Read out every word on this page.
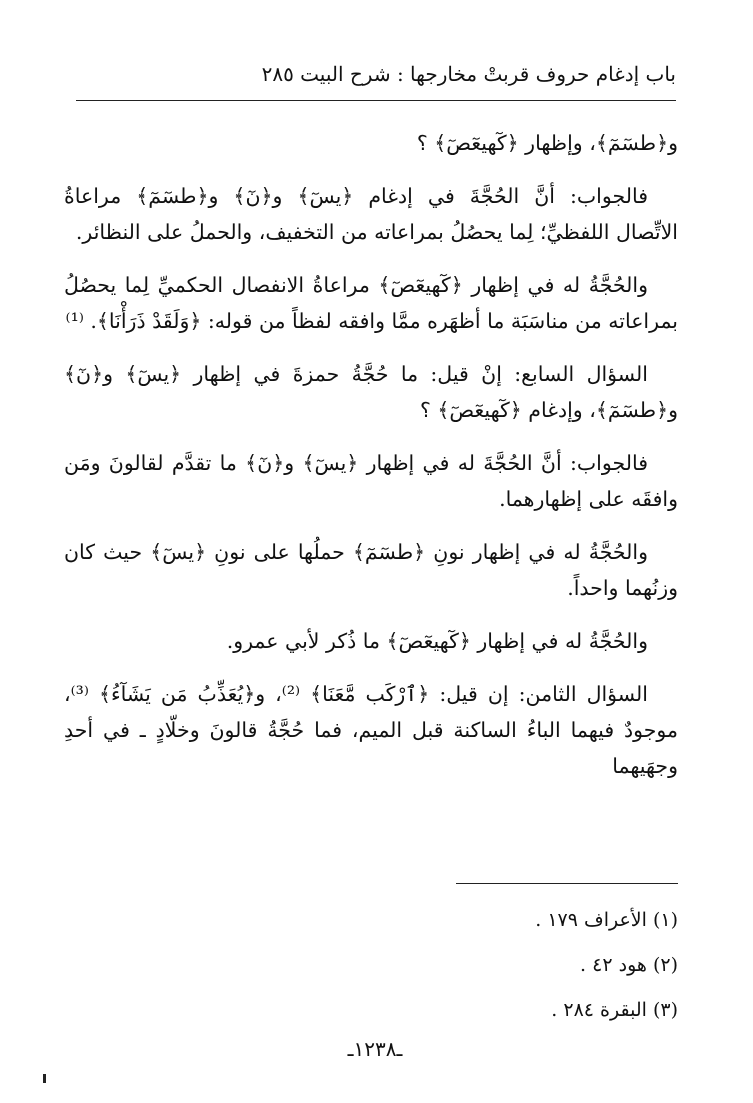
باب إدغام حروف قربتْ مخارجها : شرح البيت ٢٨٥

و﴿طسٓمٓ﴾، وإظهار ﴿كٓهيعٓصٓ﴾ ؟

فالجواب: أنَّ الحُجَّةَ في إدغام ﴿يسٓ﴾ و﴿نٓ﴾ و﴿طسٓمٓ﴾ مراعاةُ الاتِّصال اللفظيِّ؛ لِما يحصُلُ بمراعاته من التخفيف، والحملُ على النظائر.

والحُجَّةُ له في إظهار ﴿كٓهيعٓصٓ﴾ مراعاةُ الانفصال الحكميِّ لِما يحصُلُ بمراعاته من مناسَبَة ما أظهَره ممَّا وافقه لفظاً من قوله: ﴿وَلَقَدْ ذَرَأْنَا﴾. ⁽¹⁾

السؤال السابع: إنْ قيل: ما حُجَّةُ حمزةَ في إظهار ﴿يسٓ﴾ و﴿نٓ﴾ و﴿طسٓمٓ﴾، وإدغام ﴿كٓهيعٓصٓ﴾ ؟

فالجواب: أنَّ الحُجَّةَ له في إظهار ﴿يسٓ﴾ و﴿نٓ﴾ ما تقدَّم لقالونَ ومَن وافقَه على إظهارهما.

والحُجَّةُ له في إظهار نونِ ﴿طسٓمٓ﴾ حملُها على نونِ ﴿يسٓ﴾ حيث كان وزنُهما واحداً.

والحُجَّةُ له في إظهار ﴿كٓهيعٓصٓ﴾ ما ذُكر لأبي عمرو.

السؤال الثامن: إن قيل: ﴿ٱرْكَب مَّعَنَا﴾ ⁽²⁾، و﴿يُعَذِّبُ مَن يَشَآءُ﴾ ⁽³⁾، موجودٌ فيهما الباءُ الساكنة قبل الميم، فما حُجَّةُ قالونَ وخلّادٍ ـ في أحدِ وجهَيهما

(١) الأعراف ١٧٩ .
(٢) هود ٤٢ .
(٣) البقرة ٢٨٤ .
ـ١٢٣٨ـ
